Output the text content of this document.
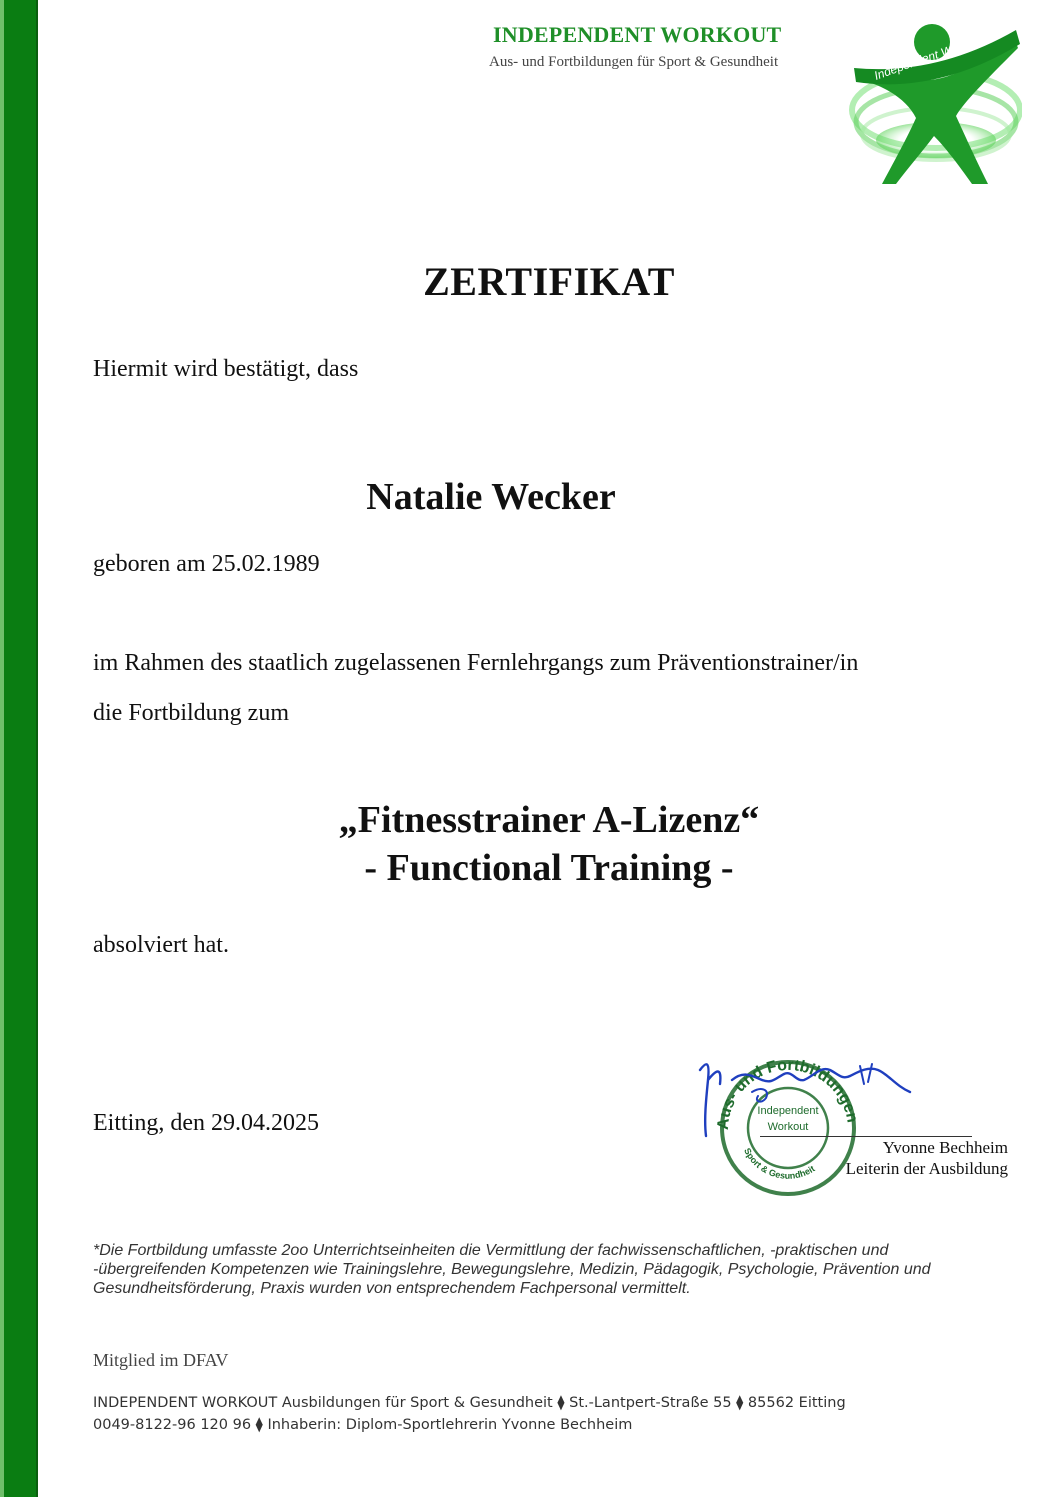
INDEPENDENT WORKOUT
Aus- und Fortbildungen für Sport & Gesundheit
Independent Workout
ZERTIFIKAT
Hiermit wird bestätigt, dass
Natalie Wecker
geboren am 25.02.1989
im Rahmen des staatlich zugelassenen Fernlehrgangs zum Präventionstrainer/in
die Fortbildung zum
„Fitnesstrainer A-Lizenz“
- Functional Training -
absolviert hat.
Eitting, den 29.04.2025	Aus- und Fortbildungen
Independent
Workout
Sport & Gesundheit
Yvonne Bechheim
Leiterin der Ausbildung
*Die Fortbildung umfasste 2oo Unterrichtseinheiten die Vermittlung der fachwissenschaftlichen, -praktischen und -übergreifenden Kompetenzen wie Trainingslehre, Bewegungslehre, Medizin, Pädagogik, Psychologie, Prävention und Gesundheitsförderung, Praxis wurden von entsprechendem Fachpersonal vermittelt.
Mitglied im DFAV
INDEPENDENT WORKOUT Ausbildungen für Sport & Gesundheit ⧫ St.-Lantpert-Straße 55 ⧫ 85562 Eitting
0049-8122-96 120 96 ⧫ Inhaberin: Diplom-Sportlehrerin Yvonne Bechheim
